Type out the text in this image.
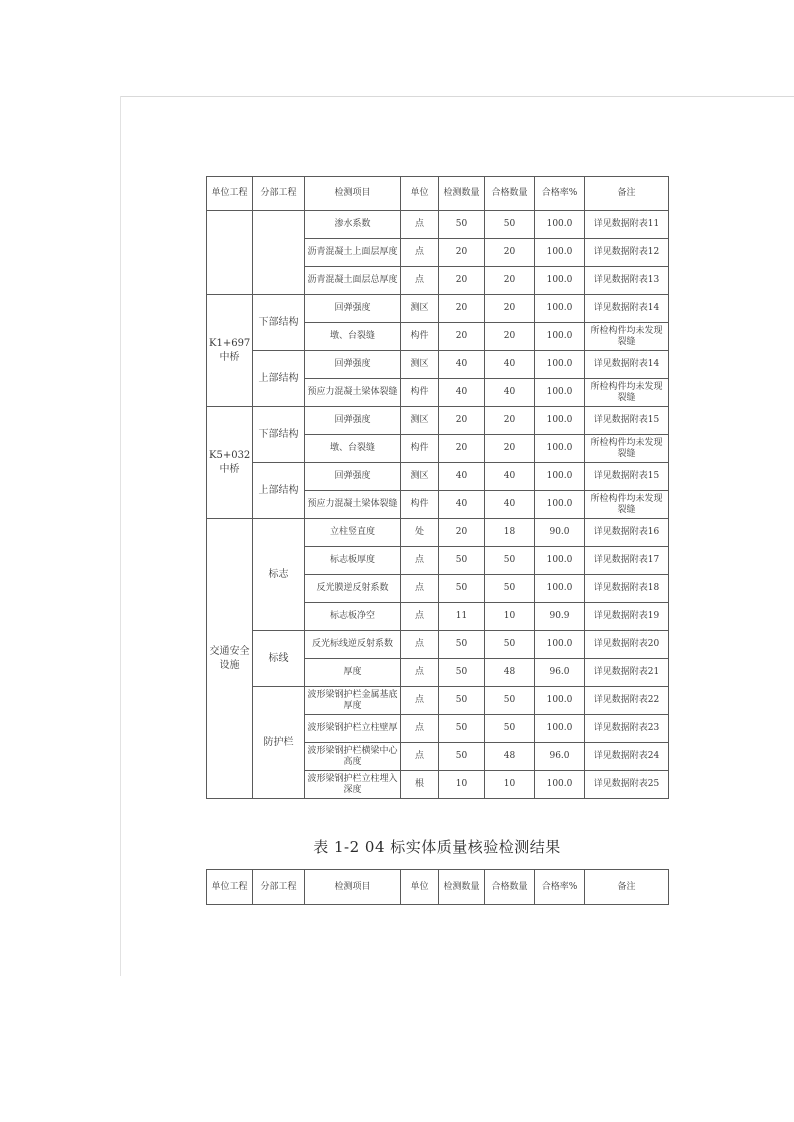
单位工程	分部工程	检测项目	单位	检测数量	合格数量	合格率%	备注
		渗水系数	点	50	50	100.0	详见数据附表11
		沥青混凝土上面层厚度	点	20	20	100.0	详见数据附表12
		沥青混凝土面层总厚度	点	20	20	100.0	详见数据附表13
K1+697中桥	下部结构	回弹强度	测区	20	20	100.0	详见数据附表14
		墩、台裂缝	构件	20	20	100.0	所检构件均未发现裂缝
	上部结构	回弹强度	测区	40	40	100.0	详见数据附表14
		预应力混凝土梁体裂缝	构件	40	40	100.0	所检构件均未发现裂缝
K5+032中桥	下部结构	回弹强度	测区	20	20	100.0	详见数据附表15
		墩、台裂缝	构件	20	20	100.0	所检构件均未发现裂缝
	上部结构	回弹强度	测区	40	40	100.0	详见数据附表15
		预应力混凝土梁体裂缝	构件	40	40	100.0	所检构件均未发现裂缝
交通安全设施	标志	立柱竖直度	处	20	18	90.0	详见数据附表16
		标志板厚度	点	50	50	100.0	详见数据附表17
		反光膜逆反射系数	点	50	50	100.0	详见数据附表18
		标志板净空	点	11	10	90.9	详见数据附表19
	标线	反光标线逆反射系数	点	50	50	100.0	详见数据附表20
		厚度	点	50	48	96.0	详见数据附表21
	防护栏	波形梁钢护栏金属基底厚度	点	50	50	100.0	详见数据附表22
		波形梁钢护栏立柱壁厚	点	50	50	100.0	详见数据附表23
		波形梁钢护栏横梁中心高度	点	50	48	96.0	详见数据附表24
		波形梁钢护栏立柱埋入深度	根	10	10	100.0	详见数据附表25
表 1-2 04 标实体质量核验检测结果
单位工程	分部工程	检测项目	单位	检测数量	合格数量	合格率%	备注
